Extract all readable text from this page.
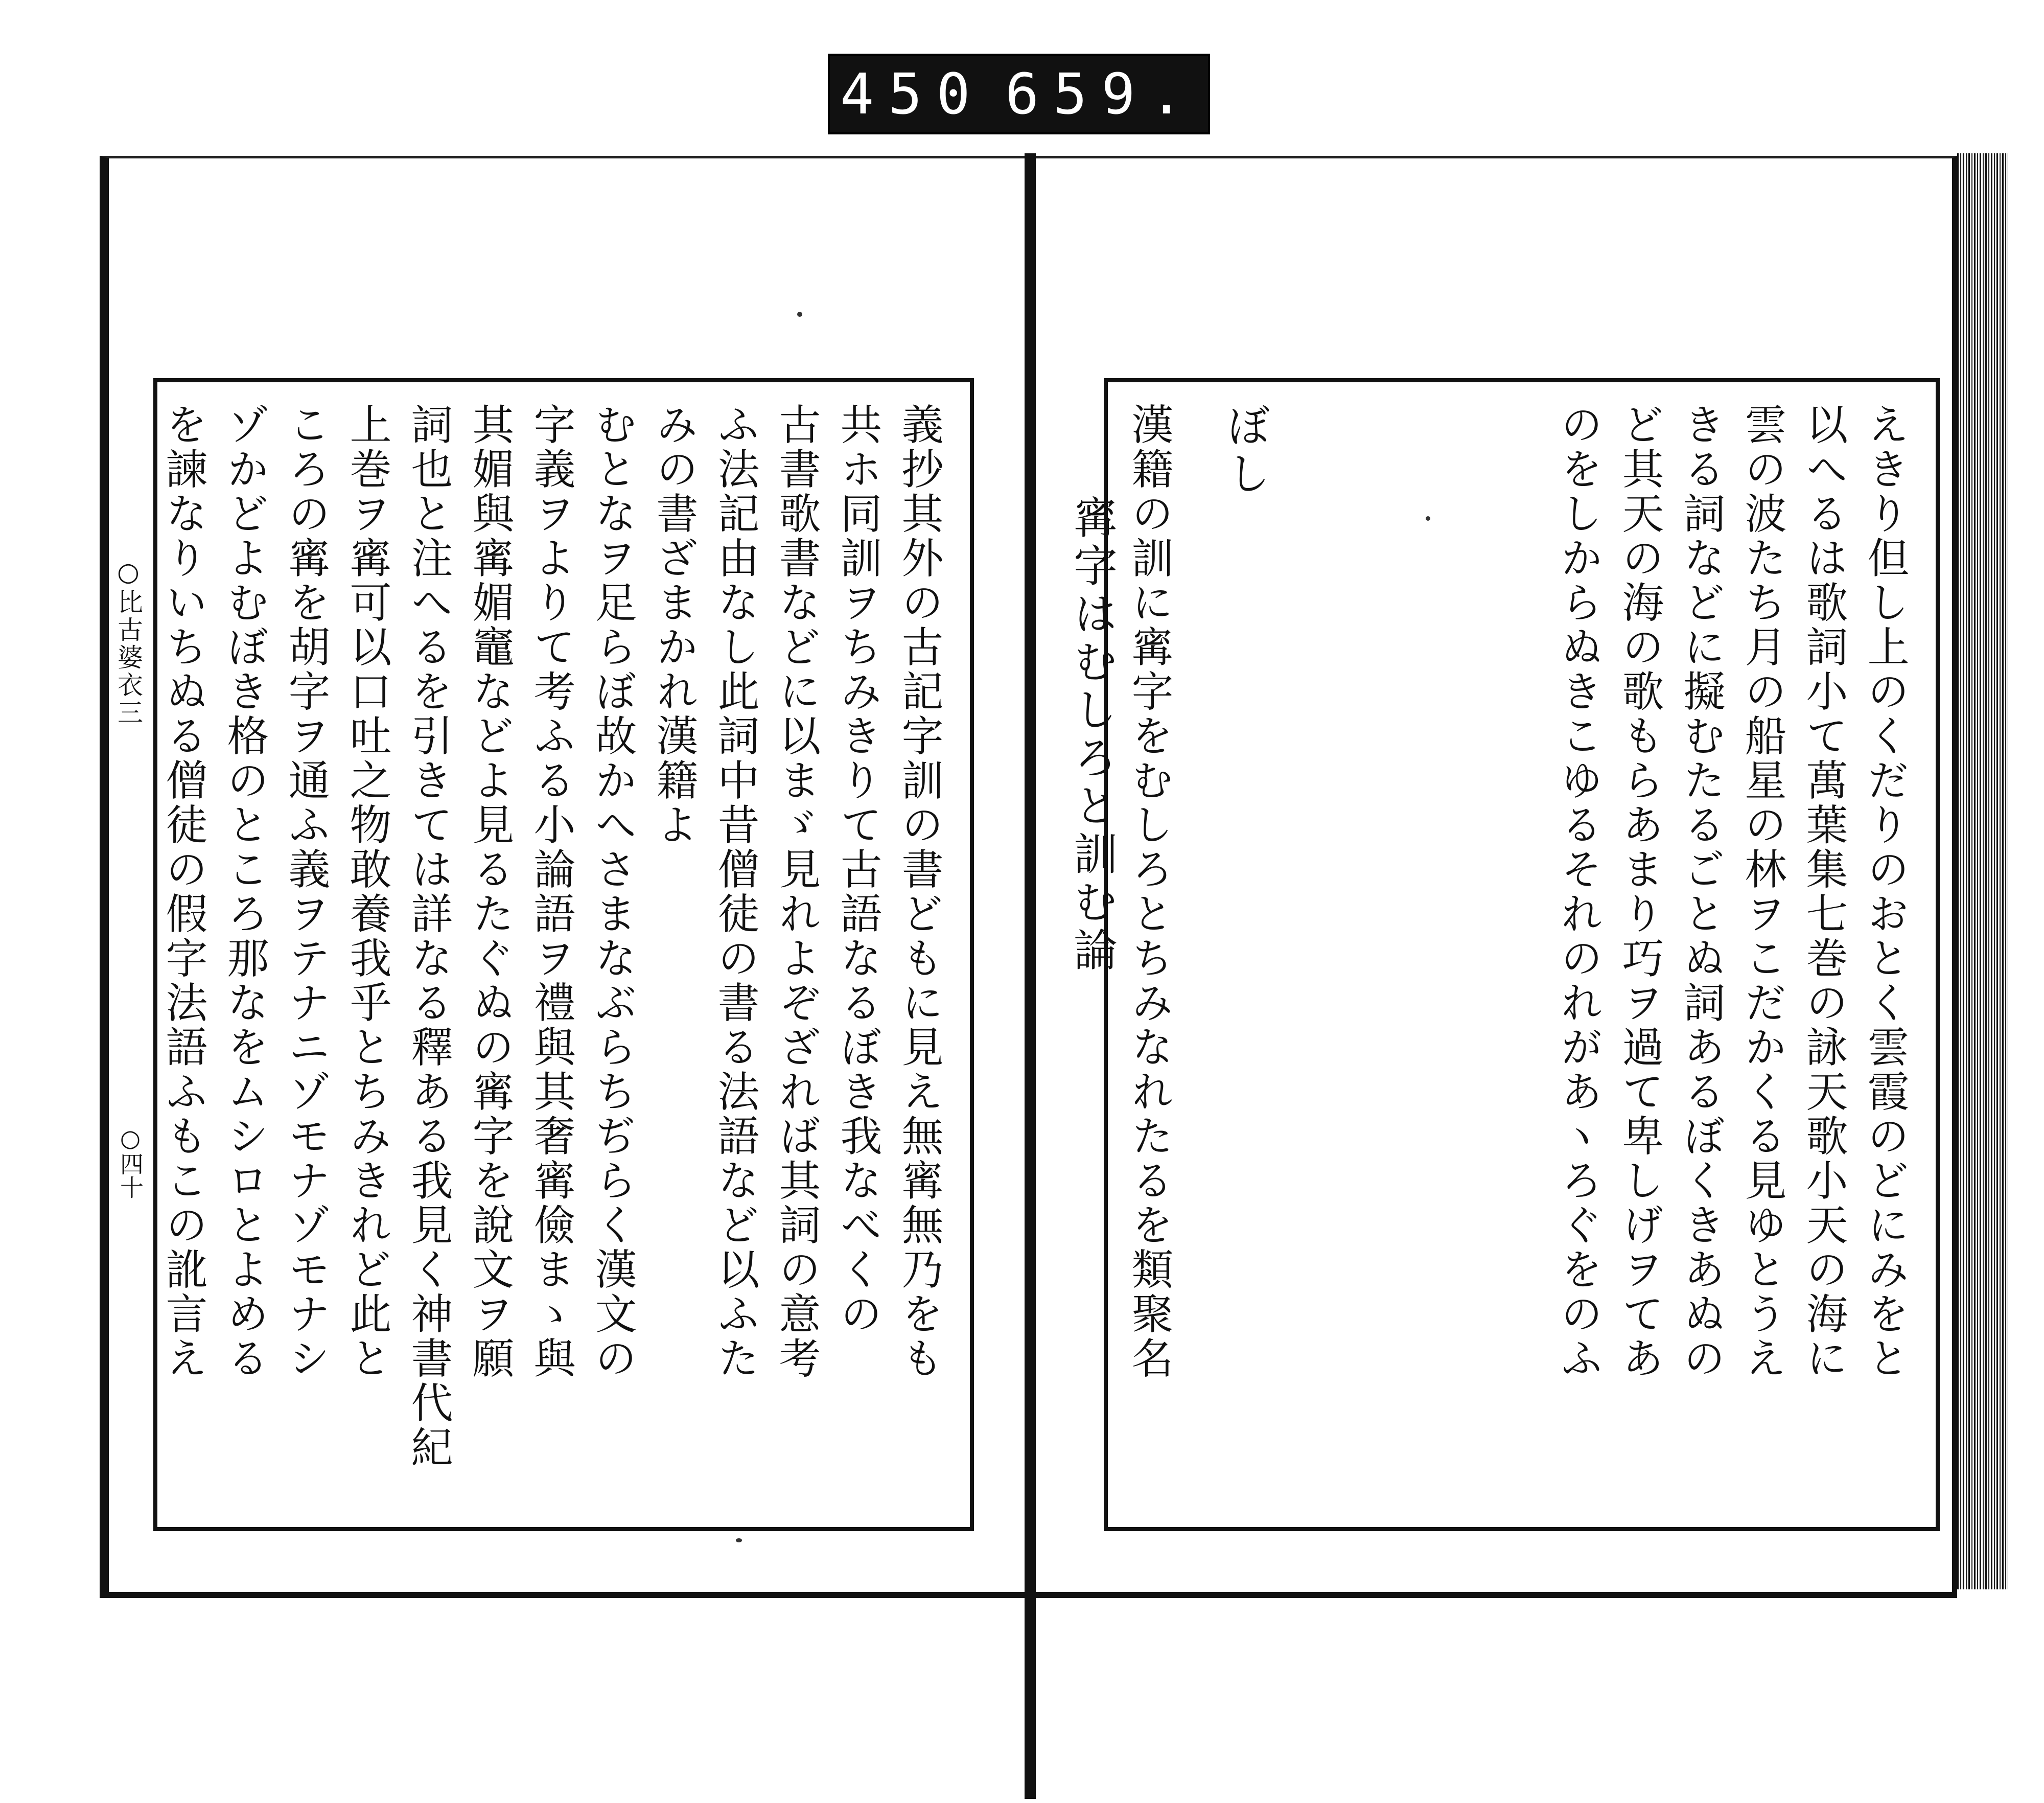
450 659.
○比古婆衣三
○四十	義抄其外の古記字訓の書どもに見え無寗無乃をも
共ホ同訓ヲちみきりて古語なるぼき我なべくの
古書歌書などに以まゞ見れよぞざれば其詞の意考
ふ法記由なし此詞中昔僧徒の書る法語など以ふた
みの書ざまかれ漢籍よ
むとなヲ足らぼ故かへさまなぶらちぢらく漢文の
字義ヲよりて考ふる小論語ヲ禮與其奢寗儉まゝ與
其媚與寗媚竈などよ見るたぐぬの寗字を說文ヲ願
詞也と注へるを引きては詳なる釋ある我見く神書代紀
上巻ヲ寗可以口吐之物敢養我乎とちみきれど此と
ころの寗を胡字ヲ通ふ義ヲテナニゾモナゾモナシ
ゾかどよむぼき格のところ那なをムシロとよめる
を諫なりいちぬる僧徒の假字法語ふもこの訛言え	えきり但し上のくだりのおとく雲霞のどにみをと
以へるは歌詞小て萬葉集七巻の詠天歌小天の海に
雲の波たち月の船星の林ヲこだかくる見ゆとうえ
きる詞などに擬むたるごとぬ詞あるぼくきあぬの
ど其天の海の歌もらあまり巧ヲ過て卑しげヲてあ
のをしからぬきこゆるそれのれがあヽろぐをのふ
ぼし
寗字はむしろと訓む論 漢籍の訓に寗字をむしろとちみなれたるを類聚名
